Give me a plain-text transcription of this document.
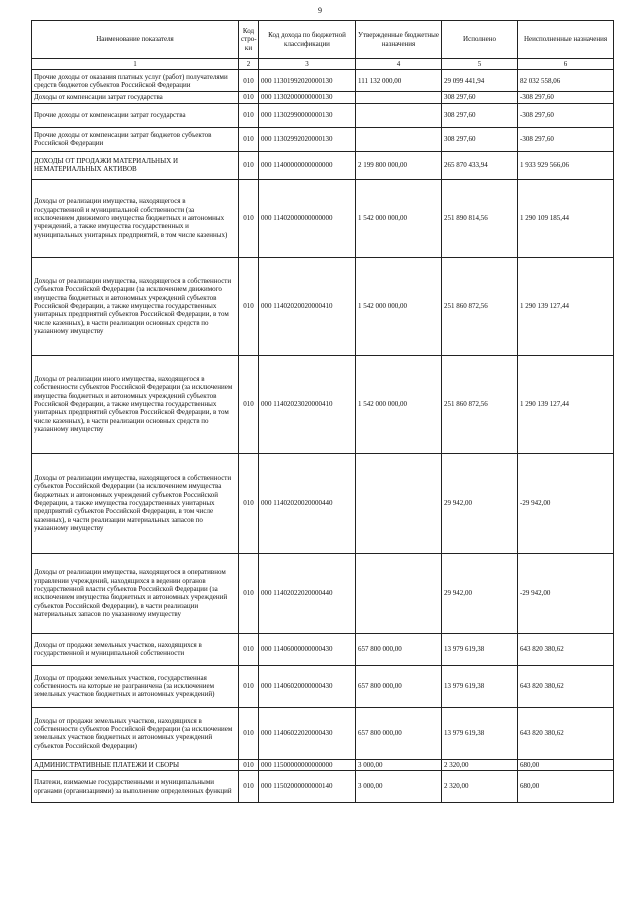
9
Наименование показателя	Код стро- ки	Код дохода по бюджетной классификации	Утвержденные бюджетные назначения	Исполнено	Неисполненные назначения
1	2	3	4	5	6
Прочие доходы от оказания платных услуг (работ) получателями средств бюджетов субъектов Российской Федерации	010	000 11301992020000130	111 132 000,00	29 099 441,94	82 032 558,06
Доходы от компенсации затрат государства	010	000 11302000000000130		308 297,60	-308 297,60
Прочие доходы от компенсации затрат государства	010	000 11302990000000130		308 297,60	-308 297,60
Прочие доходы от компенсации затрат бюджетов субъектов Российской Федерации	010	000 11302992020000130		308 297,60	-308 297,60
ДОХОДЫ ОТ ПРОДАЖИ МАТЕРИАЛЬНЫХ И НЕМАТЕРИАЛЬНЫХ АКТИВОВ	010	000 11400000000000000	2 199 800 000,00	265 870 433,94	1 933 929 566,06
Доходы от реализации имущества, находящегося в государственной и муниципальной собственности (за исключением движимого имущества бюджетных и автономных учреждений, а также имущества государственных и муниципальных унитарных предприятий, в том числе казенных)	010	000 11402000000000000	1 542 000 000,00	251 890 814,56	1 290 109 185,44
Доходы от реализации имущества, находящегося в собственности субъектов Российской Федерации (за исключением движимого имущества бюджетных и автономных учреждений субъектов Российской Федерации, а также имущества государственных унитарных предприятий субъектов Российской Федерации, в том числе казенных), в части реализации основных средств по указанному имуществу	010	000 11402020020000410	1 542 000 000,00	251 860 872,56	1 290 139 127,44
Доходы от реализации иного имущества, находящегося в собственности субъектов Российской Федерации (за исключением имущества бюджетных и автономных учреждений субъектов Российской Федерации, а также имущества государственных унитарных предприятий субъектов Российской Федерации, в том числе казенных), в части реализации основных средств по указанному имуществу	010	000 11402023020000410	1 542 000 000,00	251 860 872,56	1 290 139 127,44
Доходы от реализации имущества, находящегося в собственности субъектов Российской Федерации (за исключением имущества бюджетных и автономных учреждений субъектов Российской Федерации, а также имущества государственных унитарных предприятий субъектов Российской Федерации, в том числе казенных), в части реализации материальных запасов по указанному имуществу	010	000 11402020020000440		29 942,00	-29 942,00
Доходы от реализации имущества, находящегося в оперативном управлении учреждений, находящихся в ведении органов государственной власти субъектов Российской Федерации (за исключением имущества бюджетных и автономных учреждений субъектов Российской Федерации), в части реализации материальных запасов по указанному имуществу	010	000 11402022020000440		29 942,00	-29 942,00
Доходы от продажи земельных участков, находящихся в государственной и муниципальной собственности	010	000 11406000000000430	657 800 000,00	13 979 619,38	643 820 380,62
Доходы от продажи земельных участков, государственная собственность на которые не разграничена (за исключением земельных участков бюджетных и автономных учреждений)	010	000 11406020000000430	657 800 000,00	13 979 619,38	643 820 380,62
Доходы от продажи земельных участков, находящихся в собственности субъектов Российской Федерации (за исключением земельных участков бюджетных и автономных учреждений субъектов Российской Федерации)	010	000 11406022020000430	657 800 000,00	13 979 619,38	643 820 380,62
АДМИНИСТРАТИВНЫЕ ПЛАТЕЖИ И СБОРЫ	010	000 11500000000000000	3 000,00	2 320,00	680,00
Платежи, взимаемые государственными и муниципальными органами (организациями) за выполнение определенных функций	010	000 11502000000000140	3 000,00	2 320,00	680,00
